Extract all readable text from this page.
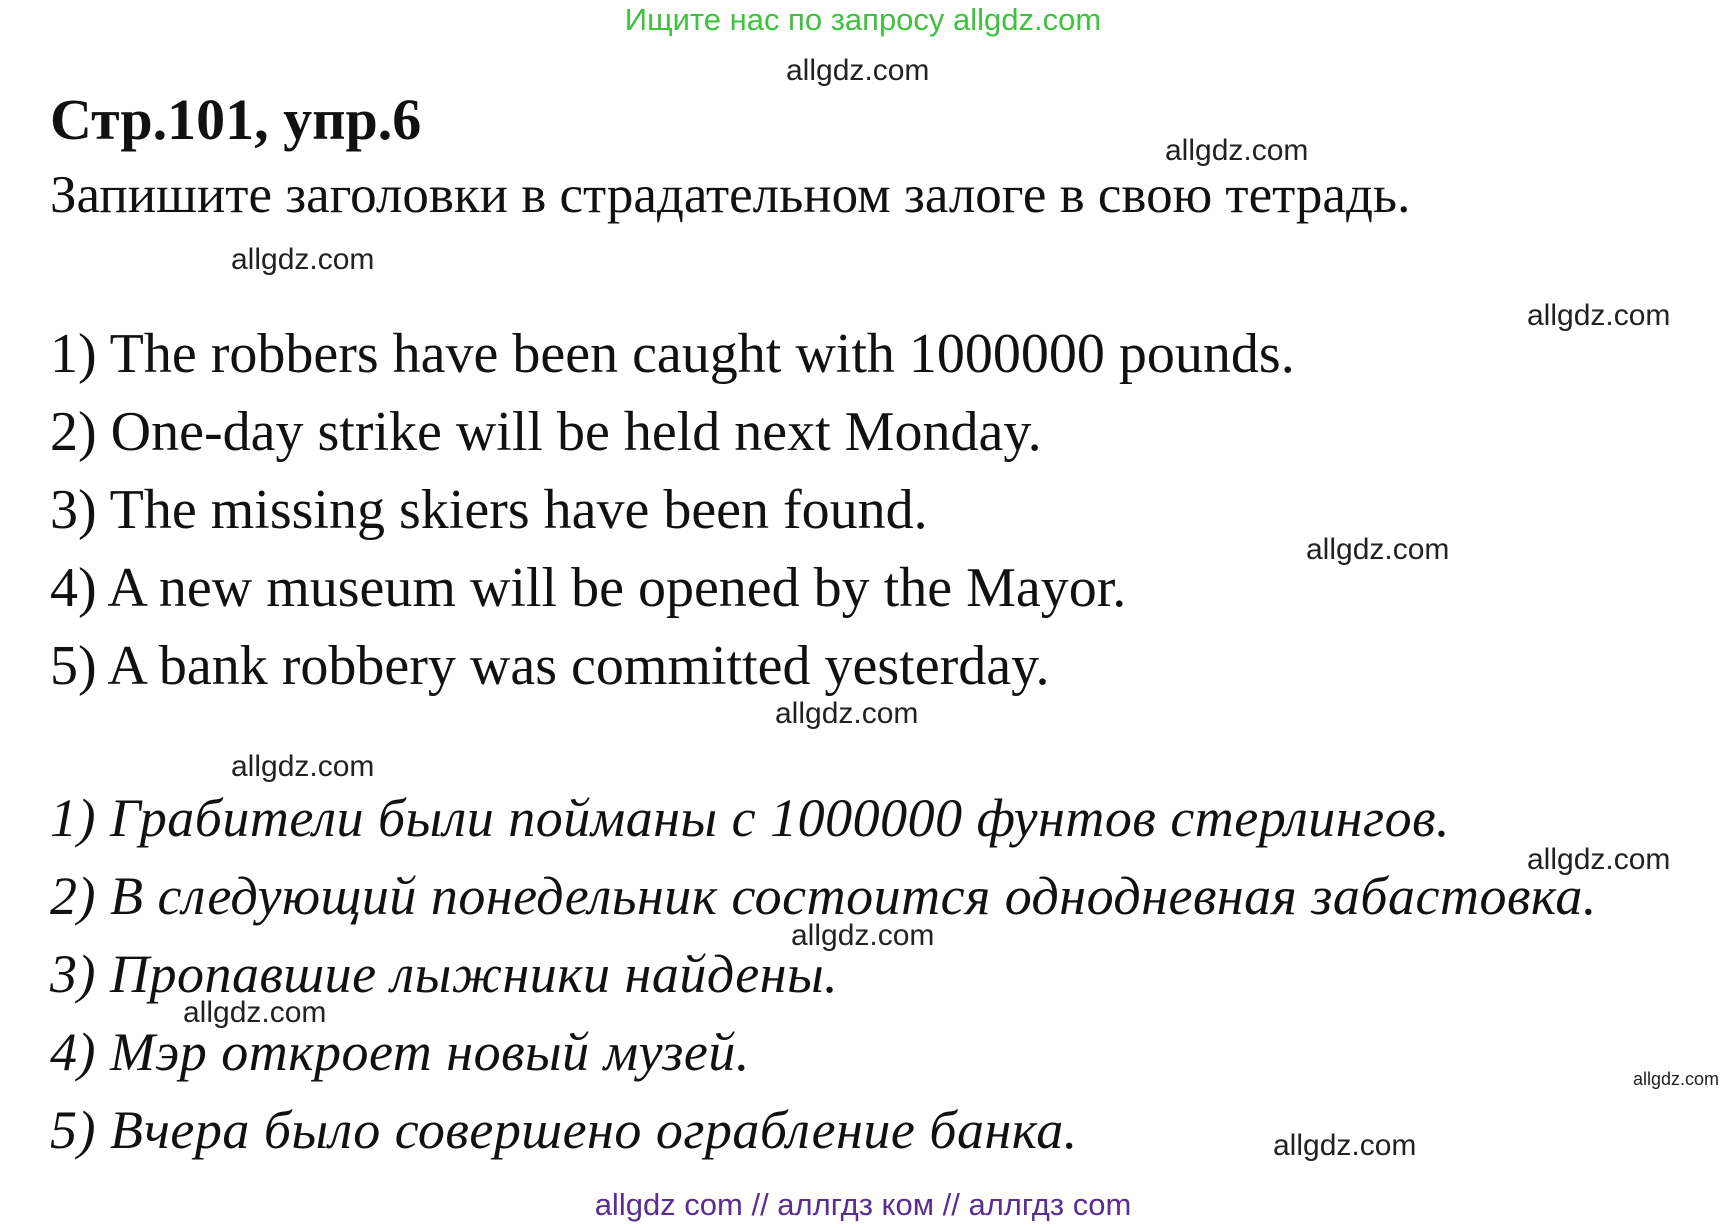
Ищите нас по запросу allgdz.com
Стр.101, упр.6
Запишите заголовки в страдательном залоге в свою тетрадь.
1) The robbers have been caught with 1000000 pounds.
2) One-day strike will be held next Monday.
3) The missing skiers have been found.
4) A new museum will be opened by the Mayor.
5) A bank robbery was committed yesterday.
1) Грабители были пойманы с 1000000 фунтов стерлингов.
2) В следующий понедельник состоится однодневная забастовка.
3) Пропавшие лыжники найдены.
4) Мэр откроет новый музей.
5) Вчера было совершено ограбление банка.
allgdz.com
allgdz.com
allgdz.com
allgdz.com
allgdz.com
allgdz.com
allgdz.com
allgdz.com
allgdz.com
allgdz.com
allgdz.com
allgdz.com
allgdz com // аллгдз ком // аллгдз com
